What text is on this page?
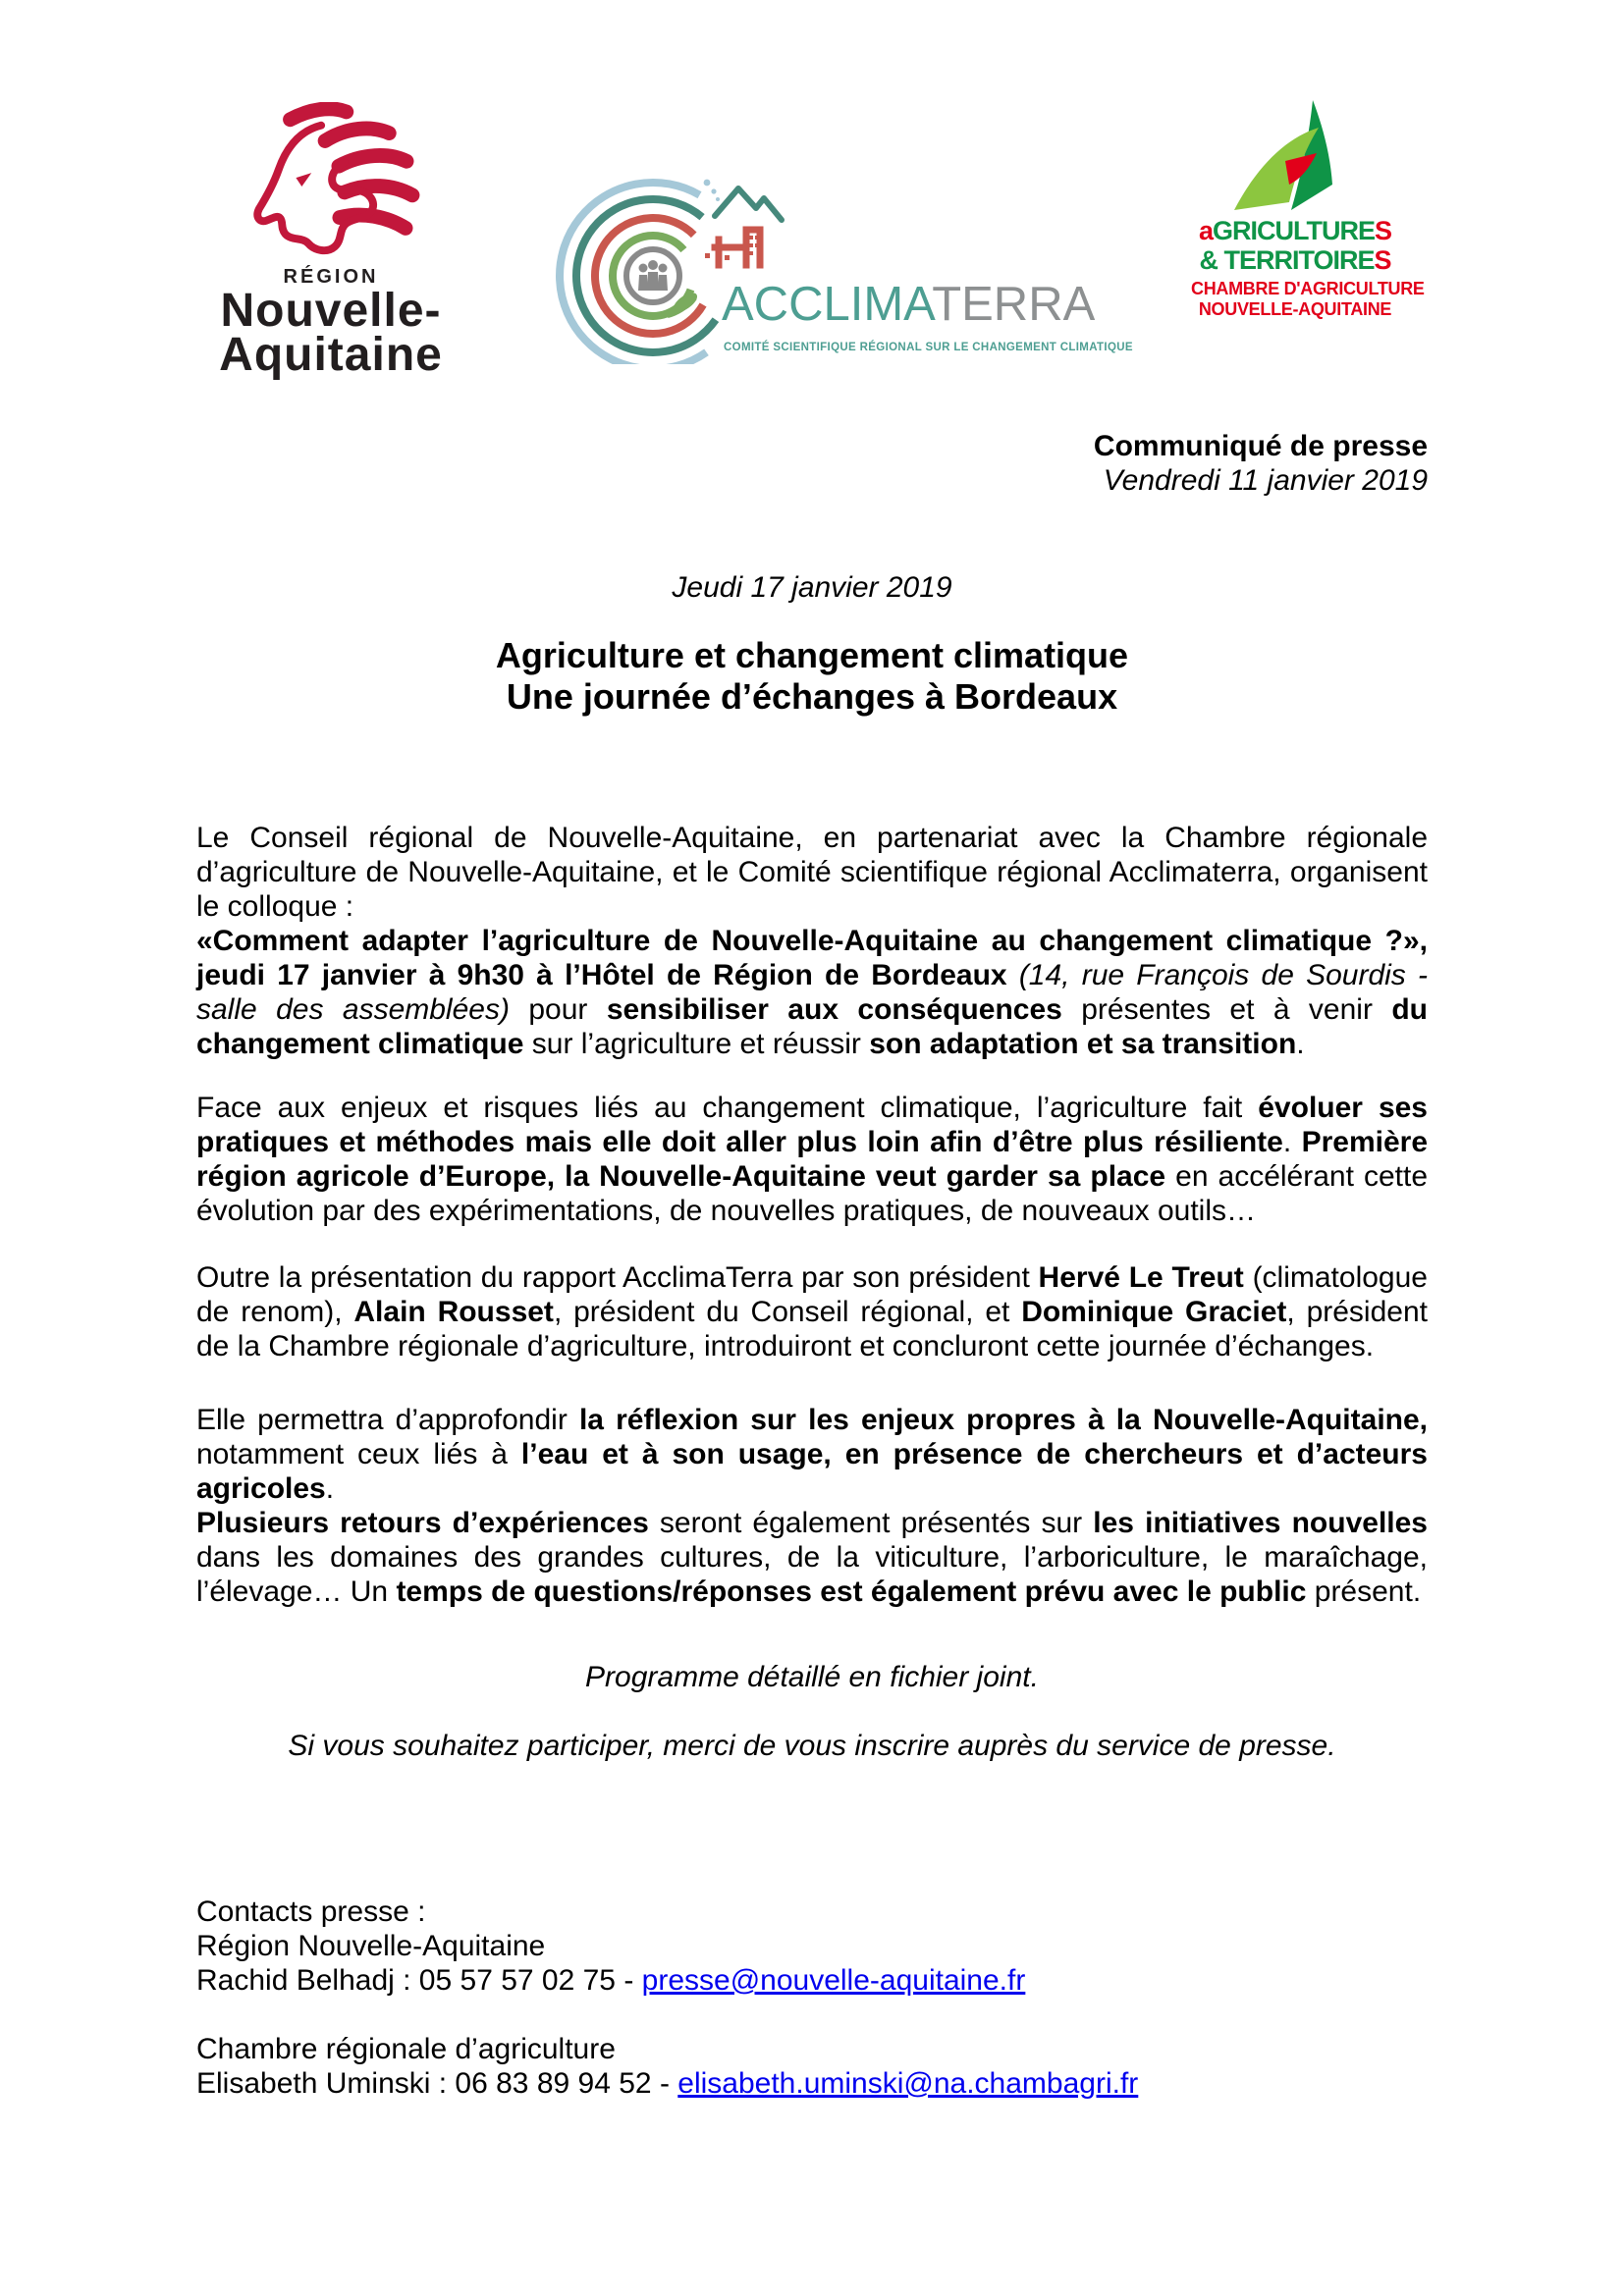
RÉGION
Nouvelle-
Aquitaine
ACCLIMATERRA
COMITÉ SCIENTIFIQUE RÉGIONAL SUR LE CHANGEMENT CLIMATIQUE
aGRICULTURES
& TERRITOIRES
CHAMBRE D'AGRICULTURE
NOUVELLE-AQUITAINE
Communiqué de presse
Vendredi 11 janvier 2019
Jeudi 17 janvier 2019
Agriculture et changement climatique
Une journée d’échanges à Bordeaux

Le Conseil régional de Nouvelle-Aquitaine, en partenariat avec la Chambre régionale d’agriculture de Nouvelle-Aquitaine, et le Comité scientifique régional Acclimaterra, organisent le colloque :
«Comment adapter l’agriculture de Nouvelle-Aquitaine au changement climatique ?», jeudi 17 janvier à 9h30 à l’Hôtel de Région de Bordeaux (14, rue François de Sourdis - salle des assemblées) pour sensibiliser aux conséquences présentes et à venir du changement climatique sur l’agriculture et réussir son adaptation et sa transition.

Face aux enjeux et risques liés au changement climatique, l’agriculture fait évoluer ses pratiques et méthodes mais elle doit aller plus loin afin d’être plus résiliente. Première région agricole d’Europe, la Nouvelle-Aquitaine veut garder sa place en accélérant cette évolution par des expérimentations, de nouvelles pratiques, de nouveaux outils…

Outre la présentation du rapport AcclimaTerra par son président Hervé Le Treut (climatologue de renom), Alain Rousset, président du Conseil régional, et Dominique Graciet, président de la Chambre régionale d’agriculture, introduiront et concluront cette journée d’échanges.

Elle permettra d’approfondir la réflexion sur les enjeux propres à la Nouvelle-Aquitaine, notamment ceux liés à l’eau et à son usage, en présence de chercheurs et d’acteurs agricoles.
Plusieurs retours d’expériences seront également présentés sur les initiatives nouvelles dans les domaines des grandes cultures, de la viticulture, l’arboriculture, le maraîchage, l’élevage… Un temps de questions/réponses est également prévu avec le public présent.

Programme détaillé en fichier joint.
Si vous souhaitez participer, merci de vous inscrire auprès du service de presse.
Contacts presse :
Région Nouvelle-Aquitaine
Rachid Belhadj : 05 57 57 02 75 - presse@nouvelle-aquitaine.fr
Chambre régionale d’agriculture
Elisabeth Uminski : 06 83 89 94 52 - elisabeth.uminski@na.chambagri.fr
